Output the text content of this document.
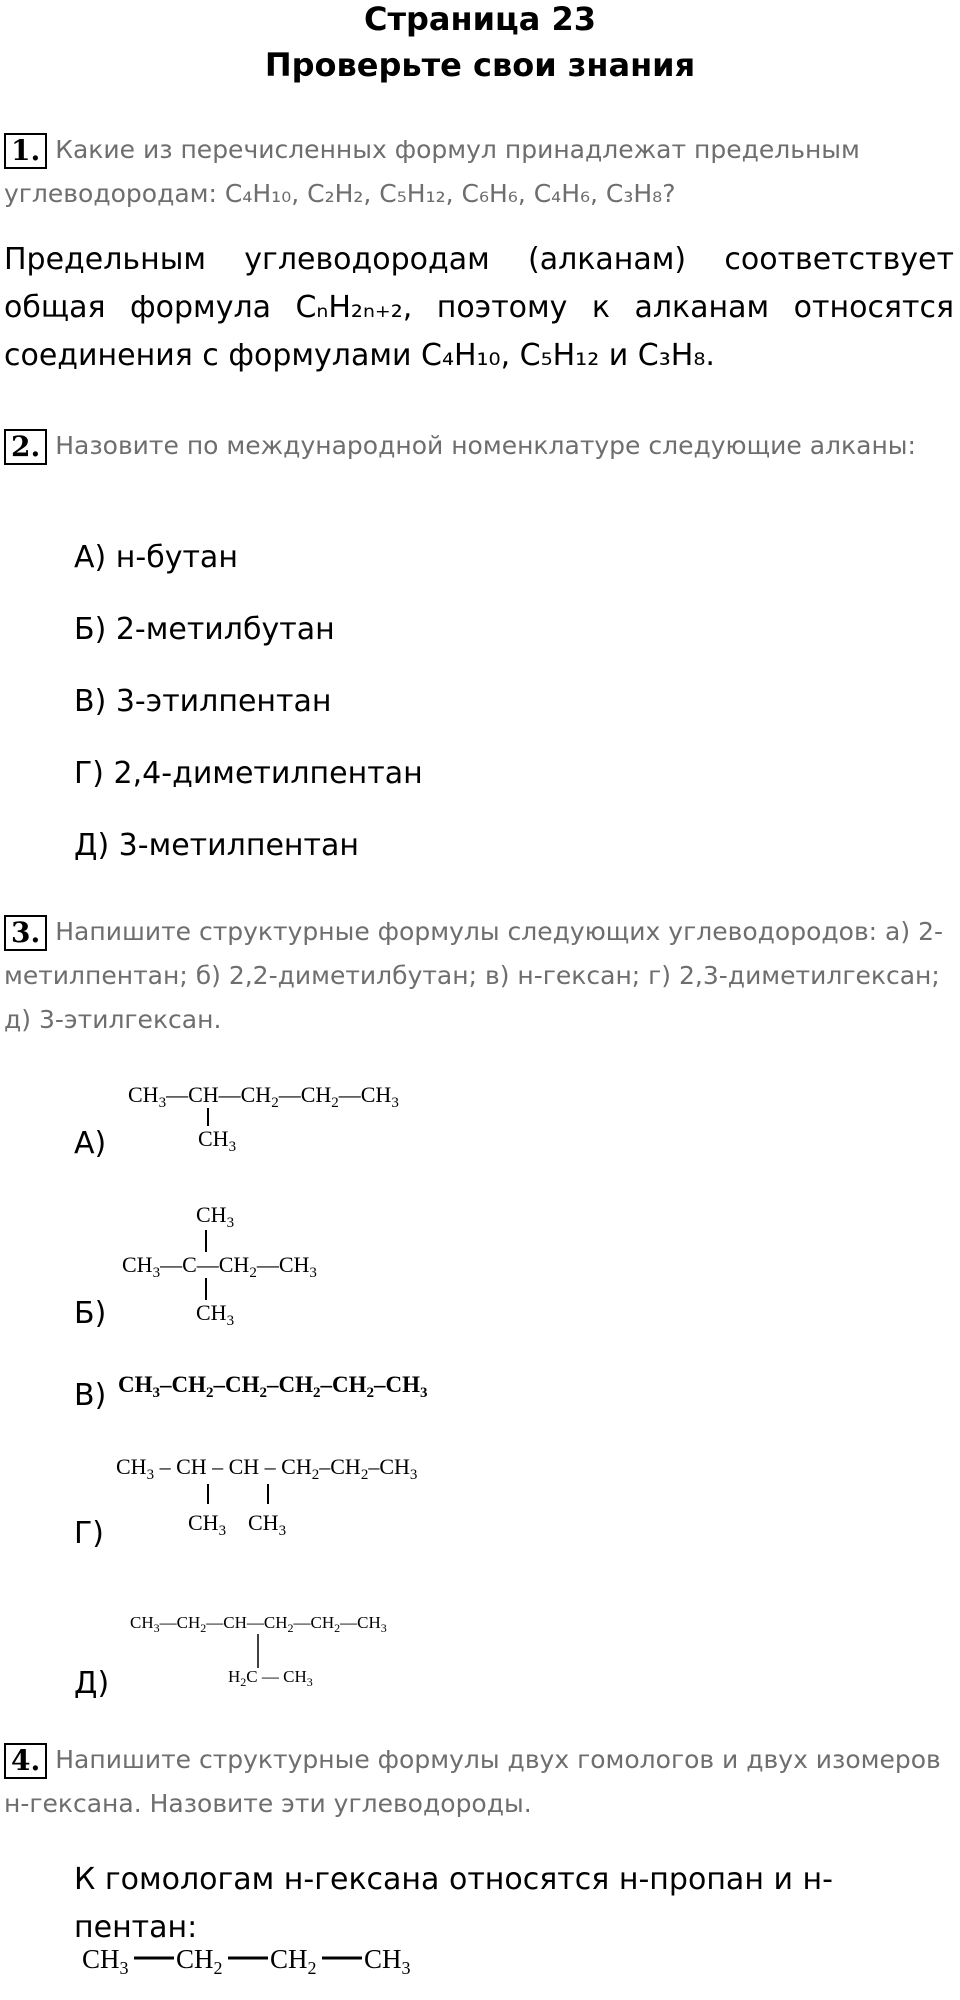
Страница 23
Проверьте свои знания
1. Какие из перечисленных формул принадлежат предельным углеводородам: C₄H₁₀, C₂H₂, C₅H₁₂, C₆H₆, C₄H₆, C₃H₈?
Предельным углеводородам (алканам) соответствует общая формула CₙH₂ₙ₊₂, поэтому к алканам относятся соединения с формулами C₄H₁₀, C₅H₁₂ и C₃H₈.
2. Назовите по международной номенклатуре следующие алканы:
А) н-бутан
Б) 2-метилбутан
В) 3-этилпентан
Г) 2,4-диметилпентан
Д) 3-метилпентан
3. Напишите структурные формулы следующих углеводородов: а) 2-метилпентан; б) 2,2-диметилбутан; в) н-гексан; г) 2,3-диметилгексан; д) 3-этилгексан.
А)
$CH_3—CH—CH_2—CH_2—CH_3$
$CH_3$
Б)
$CH_3$
$CH_3—C—CH_2—CH_3$
$CH_3$
В) $CH_3-CH_2-CH_2-CH_2-CH_2-CH_3$
Г)
$CH_3$ – CH – CH – $CH_2-CH_2-CH_3$
$CH_3$ $CH_3$
Д)
$CH_3—CH_2—CH—CH_2—CH_2—CH_3$
$H_2C$ — $CH_3$
4. Напишите структурные формулы двух гомологов и двух изомеров н-гексана. Назовите эти углеводороды.
К гомологам н-гексана относятся н-пропан и н-пентан:
$CH_3$ $CH_2$ $CH_2$ $CH_3$
